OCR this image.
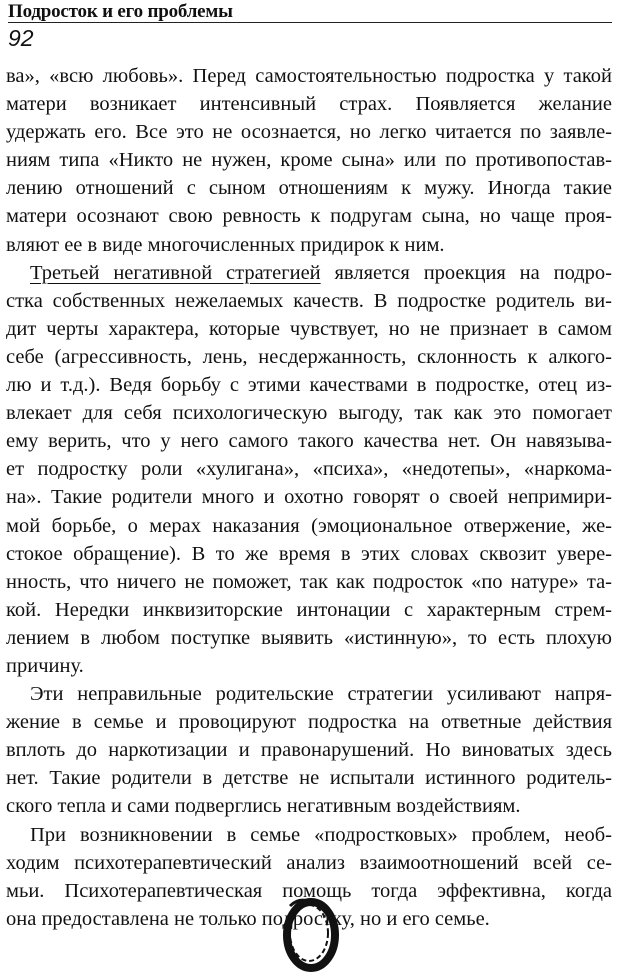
Подросток и его проблемы
92
ва», «всю любовь». Перед самостоятельностью подростка у такой
матери возникает интенсивный страх. Появляется желание
удержать его. Все это не осознается, но легко читается по заявле-
ниям типа «Никто не нужен, кроме сына» или по противопостав-
лению отношений с сыном отношениям к мужу. Иногда такие
матери осознают свою ревность к подругам сына, но чаще проя-
вляют ее в виде многочисленных придирок к ним.
Третьей негативной стратегией является проекция на подро-
стка собственных нежелаемых качеств. В подростке родитель ви-
дит черты характера, которые чувствует, но не признает в самом
себе (агрессивность, лень, несдержанность, склонность к алкого-
лю и т.д.). Ведя борьбу с этими качествами в подростке, отец из-
влекает для себя психологическую выгоду, так как это помогает
ему верить, что у него самого такого качества нет. Он навязыва-
ет подростку роли «хулигана», «психа», «недотепы», «наркома-
на». Такие родители много и охотно говорят о своей непримири-
мой борьбе, о мерах наказания (эмоциональное отвержение, же-
стокое обращение). В то же время в этих словах сквозит увере-
нность, что ничего не поможет, так как подросток «по натуре» та-
кой. Нередки инквизиторские интонации с характерным стрем-
лением в любом поступке выявить «истинную», то есть плохую
причину.
Эти неправильные родительские стратегии усиливают напря-
жение в семье и провоцируют подростка на ответные действия
вплоть до наркотизации и правонарушений. Но виноватых здесь
нет. Такие родители в детстве не испытали истинного родитель-
ского тепла и сами подверглись негативным воздействиям.
При возникновении в семье «подростковых» проблем, необ-
ходим психотерапевтический анализ взаимоотношений всей се-
мьи. Психотерапевтическая помощь тогда эффективна, когда
она предоставлена не только подростку, но и его семье.
